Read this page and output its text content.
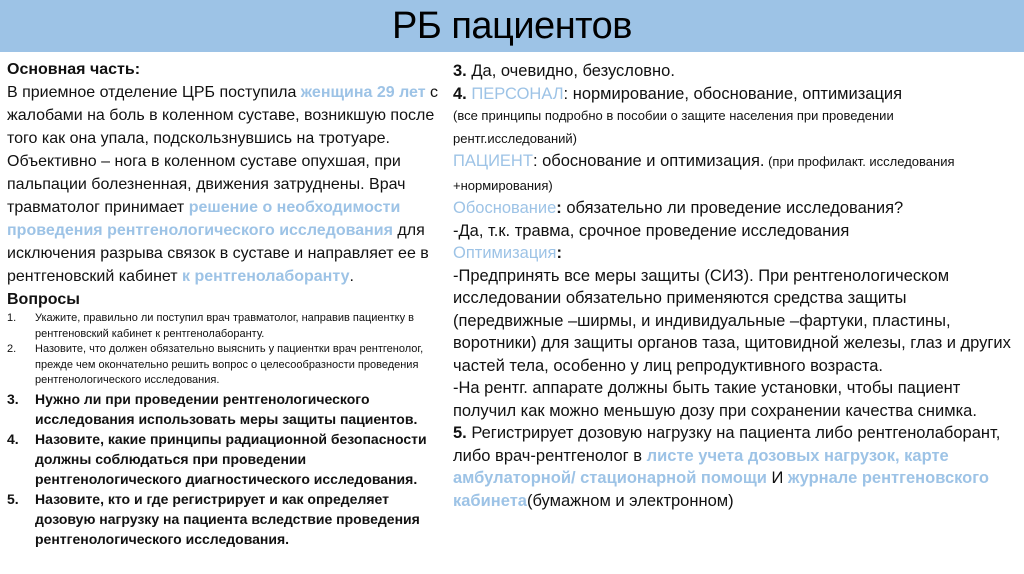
РБ пациентов

Основная часть:

В приемное отделение ЦРБ поступила женщина 29 лет с жалобами на боль в коленном суставе, возникшую после того как она упала, подскользнувшись на тротуаре. Объективно – нога в коленном суставе опухшая, при пальпации болезненная, движения затруднены. Врач травматолог принимает решение о необходимости проведения рентгенологического исследования для исключения разрыва связок в суставе и направляет ее в рентгеновский кабинет к рентгенолаборанту.

Вопросы

1.	Укажите, правильно ли поступил врач травматолог, направив пациентку в рентгеновский кабинет к рентгенолаборанту.
2.	Назовите, что должен обязательно выяснить у пациентки врач рентгенолог, прежде чем окончательно решить вопрос о целесообразности проведения рентгенологического исследования.
3.	Нужно ли при проведении рентгенологического исследования использовать меры защиты пациентов.
4.	Назовите, какие принципы радиационной безопасности должны соблюдаться при проведении рентгенологического диагностического исследования.
5.	Назовите, кто и где регистрирует и как определяет дозовую нагрузку на пациента вследствие проведения рентгенологического исследования.

3. Да, очевидно, безусловно.

4. ПЕРСОНАЛ: нормирование, обоснование, оптимизация

(все принципы подробно в пособии о защите населения при проведении рентг.исследований)

ПАЦИЕНТ: обоснование и оптимизация. (при профилакт. исследования +нормирования)

Обоснование: обязательно ли проведение исследования?

-Да, т.к. травма, срочное проведение исследования

Оптимизация:

-Предпринять все меры защиты (СИЗ). При рентгенологическом исследовании обязательно применяются средства защиты (передвижные –ширмы, и индивидуальные –фартуки, пластины, воротники) для защиты органов таза, щитовидной железы, глаз и других частей тела, особенно у лиц репродуктивного возраста.

-На рентг. аппарате должны быть такие установки, чтобы пациент получил как можно меньшую дозу при сохранении качества снимка.

5. Регистрирует дозовую нагрузку на пациента либо рентгенолаборант, либо врач-рентгенолог в листе учета дозовых нагрузок, карте амбулаторной/ стационарной помощи И журнале рентгеновского кабинета(бумажном и электронном)
